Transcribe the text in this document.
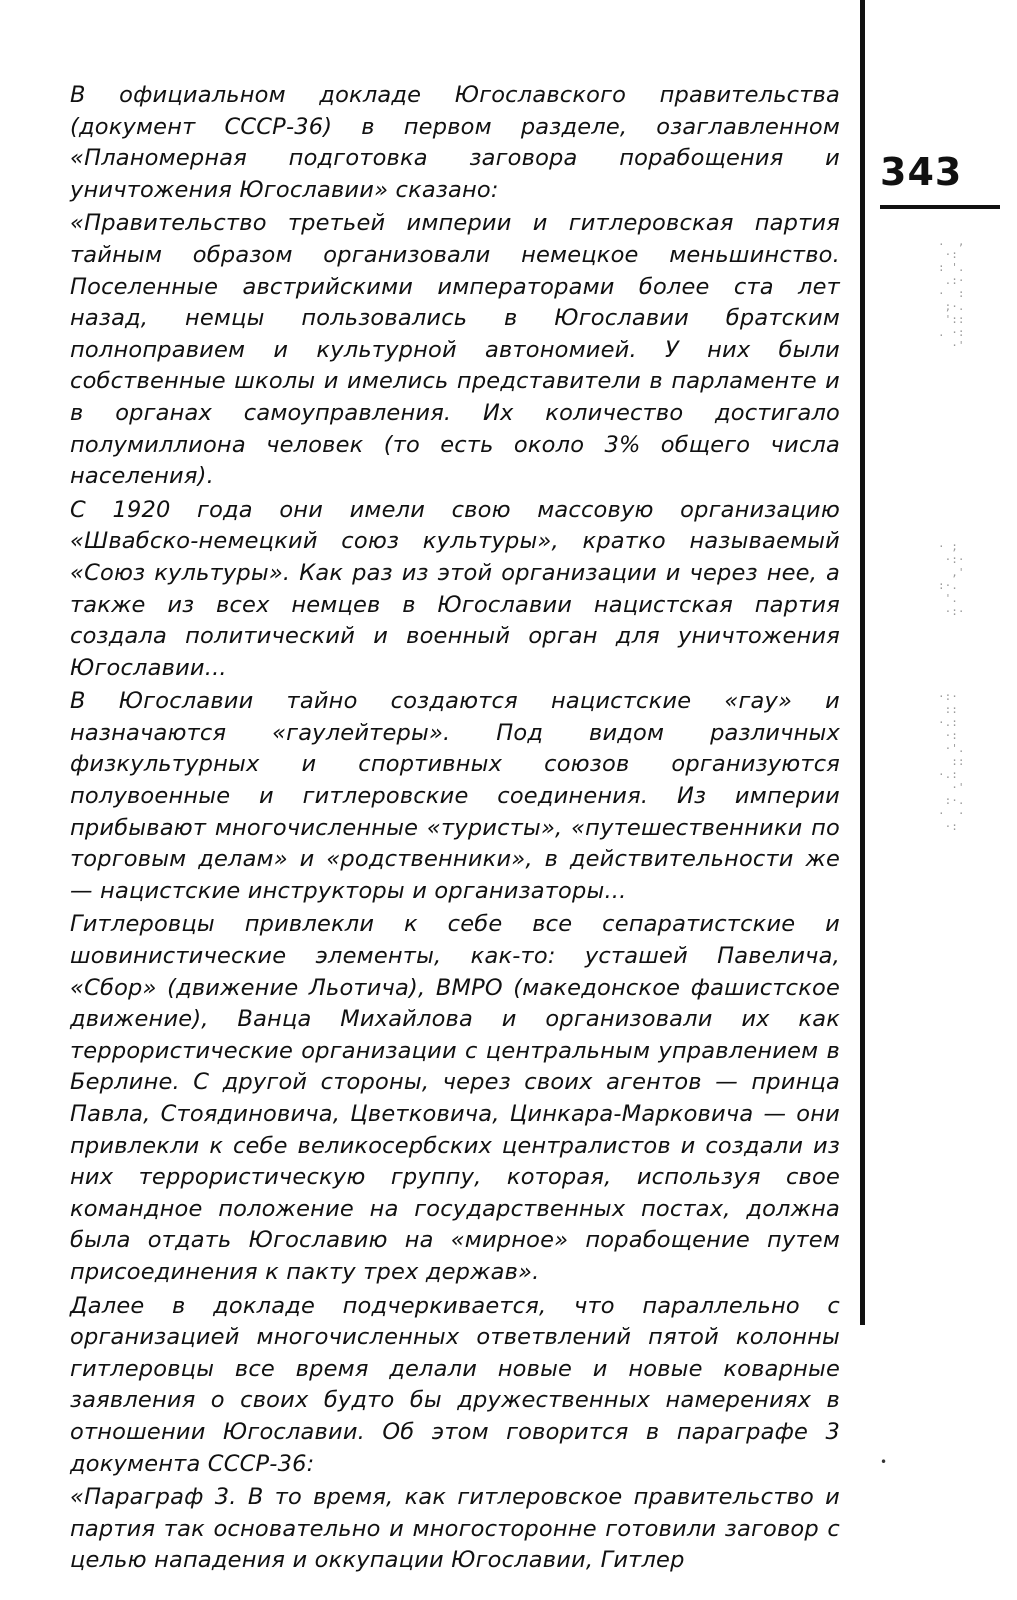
В официальном докладе Югославского правительства (документ СССР-36) в первом разделе, озаглавленном «Планомерная подготовка заговора порабощения и уничтожения Югославии» сказано:

«Правительство третьей империи и гитлеровская партия тайным образом организовали немецкое меньшинство. Поселенные австрийскими императорами более ста лет назад, немцы пользовались в Югославии братским полноправием и культурной автономией. У них были собственные школы и имелись представители в парламенте и в органах самоуправления. Их количество достигало полумиллиона человек (то есть около 3% общего числа населения).

С 1920 года они имели свою массовую организацию «Швабско-немецкий союз культуры», кратко называемый «Союз культуры». Как раз из этой организации и через нее, а также из всех немцев в Югославии нацистская партия создала политический и военный орган для уничтожения Югославии...

В Югославии тайно создаются нацистские «гау» и назначаются «гаулейтеры». Под видом различных физкультурных и спортивных союзов организуются полувоенные и гитлеровские соединения. Из империи прибывают многочисленные «туристы», «путешественники по торговым делам» и «родственники», в действительности же — нацистские инструкторы и организаторы...

Гитлеровцы привлекли к себе все сепаратистские и шовинистические элементы, как-то: усташей Павелича, «Сбор» (движение Льотича), ВМРО (македонское фашистское движение), Ванца Михайлова и организовали их как террористические организации с центральным управлением в Берлине. С другой стороны, через своих агентов — принца Павла, Стоядиновича, Цветковича, Цинкара-Марковича — они привлекли к себе великосербских централистов и создали из них террористическую группу, которая, используя свое командное положение на государственных постах, должна была отдать Югославию на «мирное» порабощение путем присоединения к пакту трех держав».

Далее в докладе подчеркивается, что параллельно с организацией многочисленных ответвлений пятой колонны гитлеровцы все время делали новые и новые коварные заявления о своих будто бы дружественных намерениях в отношении Югославии. Об этом говорится в параграфе 3 документа СССР-36:

«Параграф 3. В то время, как гитлеровское правительство и партия так основательно и многосторонне готовили заговор с целью нападения и оккупации Югославии, Гитлер

343
.  ,
·:
: '.
.:·
·  :
;·.
'::
. ·:
·'
· ;
·:·
,'
:·.
'.
·:·
·:·
::
·.:
·:
·'.
::
·.:
·'
:·.
·  ·
·:
•
